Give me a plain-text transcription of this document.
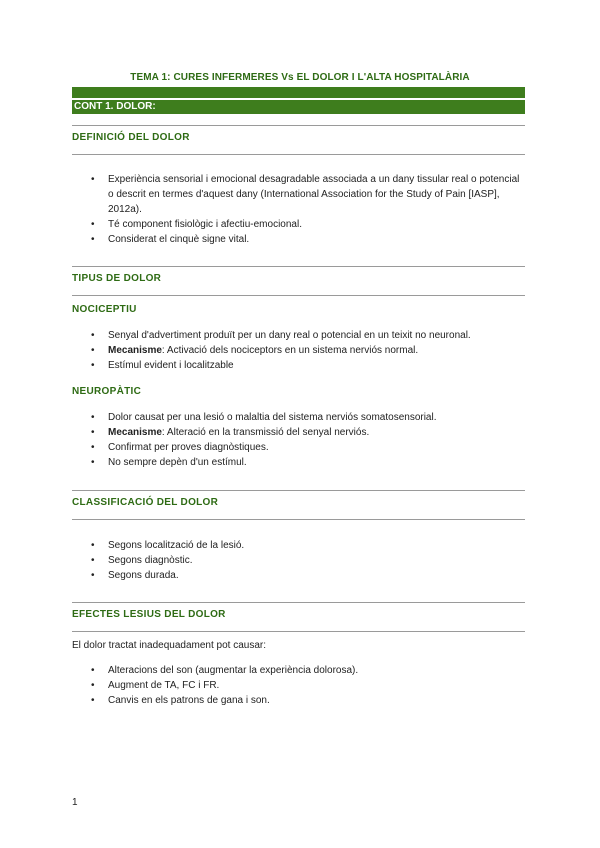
TEMA 1: CURES INFERMERES Vs EL DOLOR I L'ALTA HOSPITALÀRIA
CONT 1. DOLOR:
DEFINICIÓ DEL DOLOR
• Experiència sensorial i emocional desagradable associada a un dany tissular real o potencial o descrit en termes d'aquest dany (International Association for the Study of Pain [IASP], 2012a).
• Té component fisiològic i afectiu-emocional.
• Considerat el cinquè signe vital.
TIPUS DE DOLOR
NOCICEPTIU
• Senyal d'advertiment produït per un dany real o potencial en un teixit no neuronal.
• Mecanisme: Activació dels nociceptors en un sistema nerviós normal.
• Estímul evident i localitzable
NEUROPÀTIC
• Dolor causat per una lesió o malaltia del sistema nerviós somatosensorial.
• Mecanisme: Alteració en la transmissió del senyal nerviós.
• Confirmat per proves diagnòstiques.
• No sempre depèn d'un estímul.
CLASSIFICACIÓ DEL DOLOR
• Segons localització de la lesió.
• Segons diagnòstic.
• Segons durada.
EFECTES LESIUS DEL DOLOR
El dolor tractat inadequadament pot causar:
• Alteracions del son (augmentar la experiència dolorosa).
• Augment de TA, FC i FR.
• Canvis en els patrons de gana i son.
1
